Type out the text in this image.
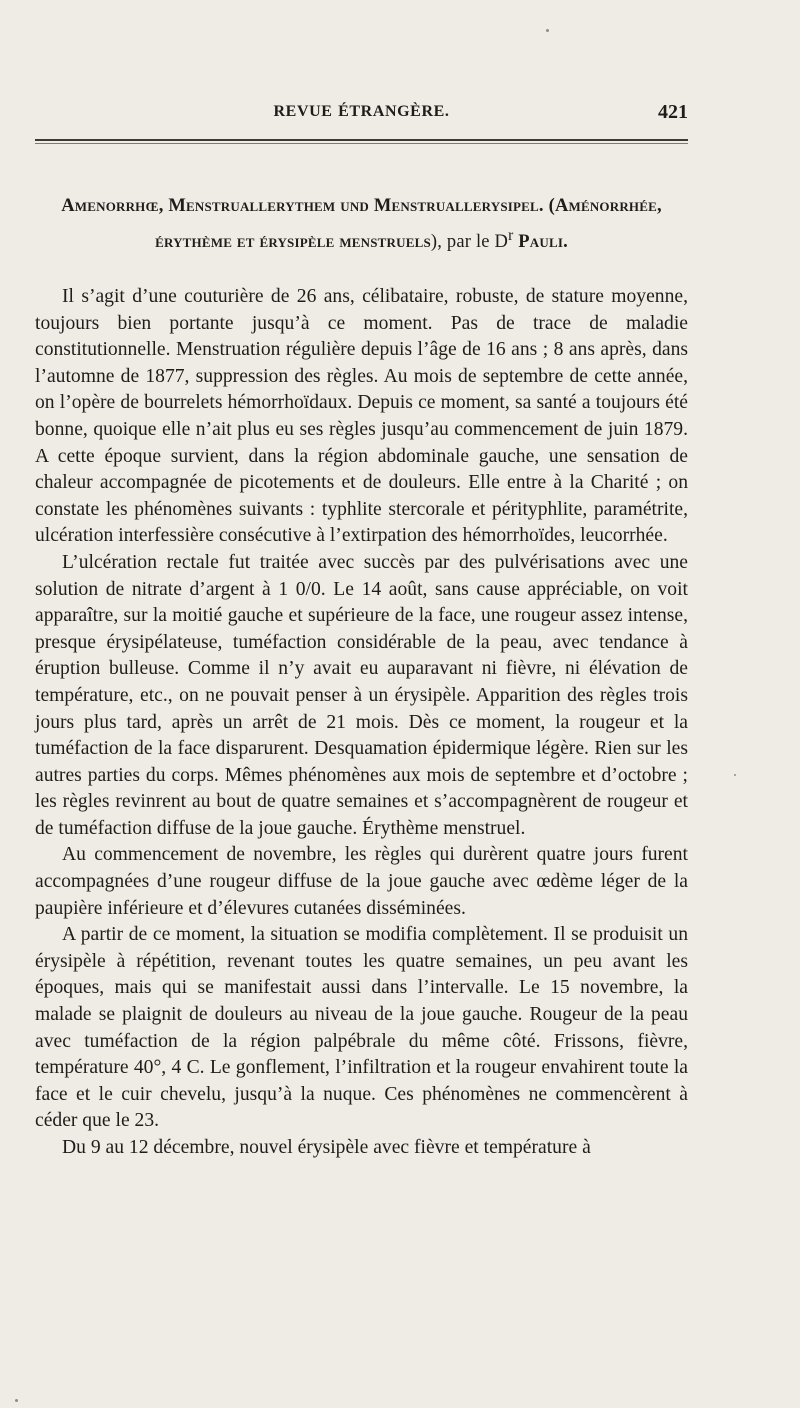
REVUE ÉTRANGÈRE.	421
Amenorrhœ, Menstruallerythem und Menstruallerysipel. (Aménorrhée,
érythème et érysipèle menstruels), par le $D^r$ Pauli.

Il s’agit d’une couturière de 26 ans, célibataire, robuste, de stature moyenne, toujours bien portante jusqu’à ce moment. Pas de trace de maladie constitutionnelle. Menstruation régulière depuis l’âge de 16 ans ; 8 ans après, dans l’automne de 1877, suppression des règles. Au mois de septembre de cette année, on l’opère de bourrelets hémorrhoïdaux. Depuis ce moment, sa santé a toujours été bonne, quoique elle n’ait plus eu ses règles jusqu’au commencement de juin 1879. A cette époque survient, dans la région abdominale gauche, une sensation de chaleur accompagnée de picotements et de douleurs. Elle entre à la Charité ; on constate les phénomènes suivants : typhlite stercorale et pérityphlite, paramétrite, ulcération interfessière consécutive à l’extirpation des hémorrhoïdes, leucorrhée.

L’ulcération rectale fut traitée avec succès par des pulvérisations avec une solution de nitrate d’argent à 1 0/0. Le 14 août, sans cause appréciable, on voit apparaître, sur la moitié gauche et supérieure de la face, une rougeur assez intense, presque érysipélateuse, tuméfaction considérable de la peau, avec tendance à éruption bulleuse. Comme il n’y avait eu auparavant ni fièvre, ni élévation de température, etc., on ne pouvait penser à un érysipèle. Apparition des règles trois jours plus tard, après un arrêt de 21 mois. Dès ce moment, la rougeur et la tuméfaction de la face disparurent. Desquamation épidermique légère. Rien sur les autres parties du corps. Mêmes phénomènes aux mois de septembre et d’octobre ; les règles revinrent au bout de quatre semaines et s’accompagnèrent de rougeur et de tuméfaction diffuse de la joue gauche. Érythème menstruel.

Au commencement de novembre, les règles qui durèrent quatre jours furent accompagnées d’une rougeur diffuse de la joue gauche avec œdème léger de la paupière inférieure et d’élevures cutanées disséminées.

A partir de ce moment, la situation se modifia complètement. Il se produisit un érysipèle à répétition, revenant toutes les quatre semaines, un peu avant les époques, mais qui se manifestait aussi dans l’intervalle. Le 15 novembre, la malade se plaignit de douleurs au niveau de la joue gauche. Rougeur de la peau avec tuméfaction de la région palpébrale du même côté. Frissons, fièvre, température 40°, 4 C. Le gonflement, l’infiltration et la rougeur envahirent toute la face et le cuir chevelu, jusqu’à la nuque. Ces phénomènes ne commencèrent à céder que le 23.

Du 9 au 12 décembre, nouvel érysipèle avec fièvre et température à
